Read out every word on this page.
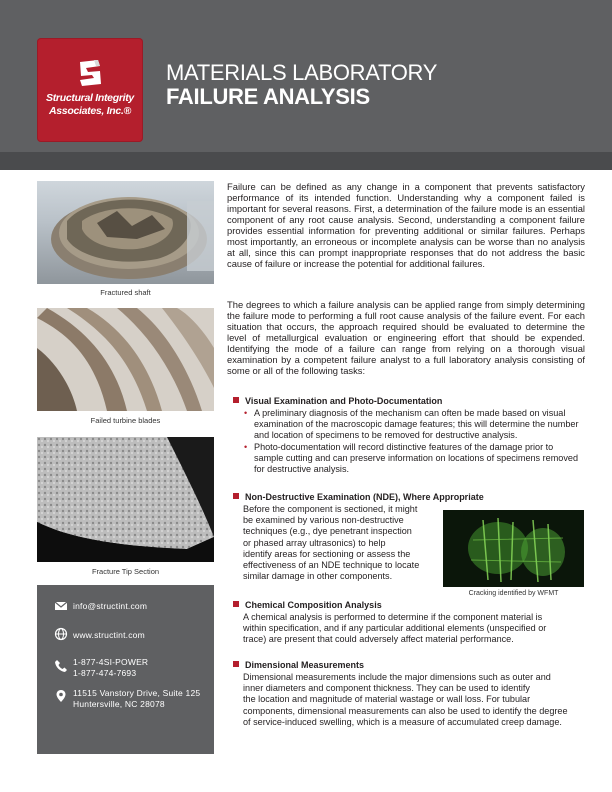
Structural Integrity
Associates, Inc.®
MATERIALS LABORATORY
FAILURE ANALYSIS
Fractured shaft
Failed turbine blades
Fracture Tip Section
info@structint.com
www.structint.com
1-877-4SI-POWER
1-877-474-7693
11515 Vanstory Drive, Suite 125
Huntersville, NC 28078
Failure can be defined as any change in a component that prevents satisfactory performance of its intended function. Understanding why a component failed is important for several reasons. First, a determination of the failure mode is an essential component of any root cause analysis. Second, understanding a component failure provides essential information for preventing additional or similar failures. Perhaps most importantly, an erroneous or incomplete analysis can be worse than no analysis at all, since this can prompt inappropriate responses that do not address the basic cause of failure or increase the potential for additional failures.
The degrees to which a failure analysis can be applied range from simply determining the failure mode to performing a full root cause analysis of the failure event. For each situation that occurs, the approach required should be evaluated to determine the level of metallurgical evaluation or engineering effort that should be expended. Identifying the mode of a failure can range from relying on a thorough visual examination by a competent failure analyst to a full laboratory analysis consisting of some or all of the following tasks:
Visual Examination and Photo-Documentation
• A preliminary diagnosis of the mechanism can often be made based on visual examination of the macroscopic damage features; this will determine the number and location of specimens to be removed for destructive analysis.
• Photo-documentation will record distinctive features of the damage prior to sample cutting and can preserve information on locations of specimens removed for destructive analysis.
Non-Destructive Examination (NDE), Where Appropriate
Before the component is sectioned, it might
be examined by various non-destructive
techniques (e.g., dye penetrant inspection
or phased array ultrasonics) to help
identify areas for sectioning or assess the
effectiveness of an NDE technique to locate
similar damage in other components.
Cracking identified by WFMT
Chemical Composition Analysis
A chemical analysis is performed to determine if the component material is
within specification, and if any particular additional elements (unspecified or
trace) are present that could adversely affect material performance.
Dimensional Measurements
Dimensional measurements include the major dimensions such as outer and
inner diameters and component thickness. They can be used to identify
the location and magnitude of material wastage or wall loss. For tubular
components, dimensional measurements can also be used to identify the degree
of service-induced swelling, which is a measure of accumulated creep damage.
